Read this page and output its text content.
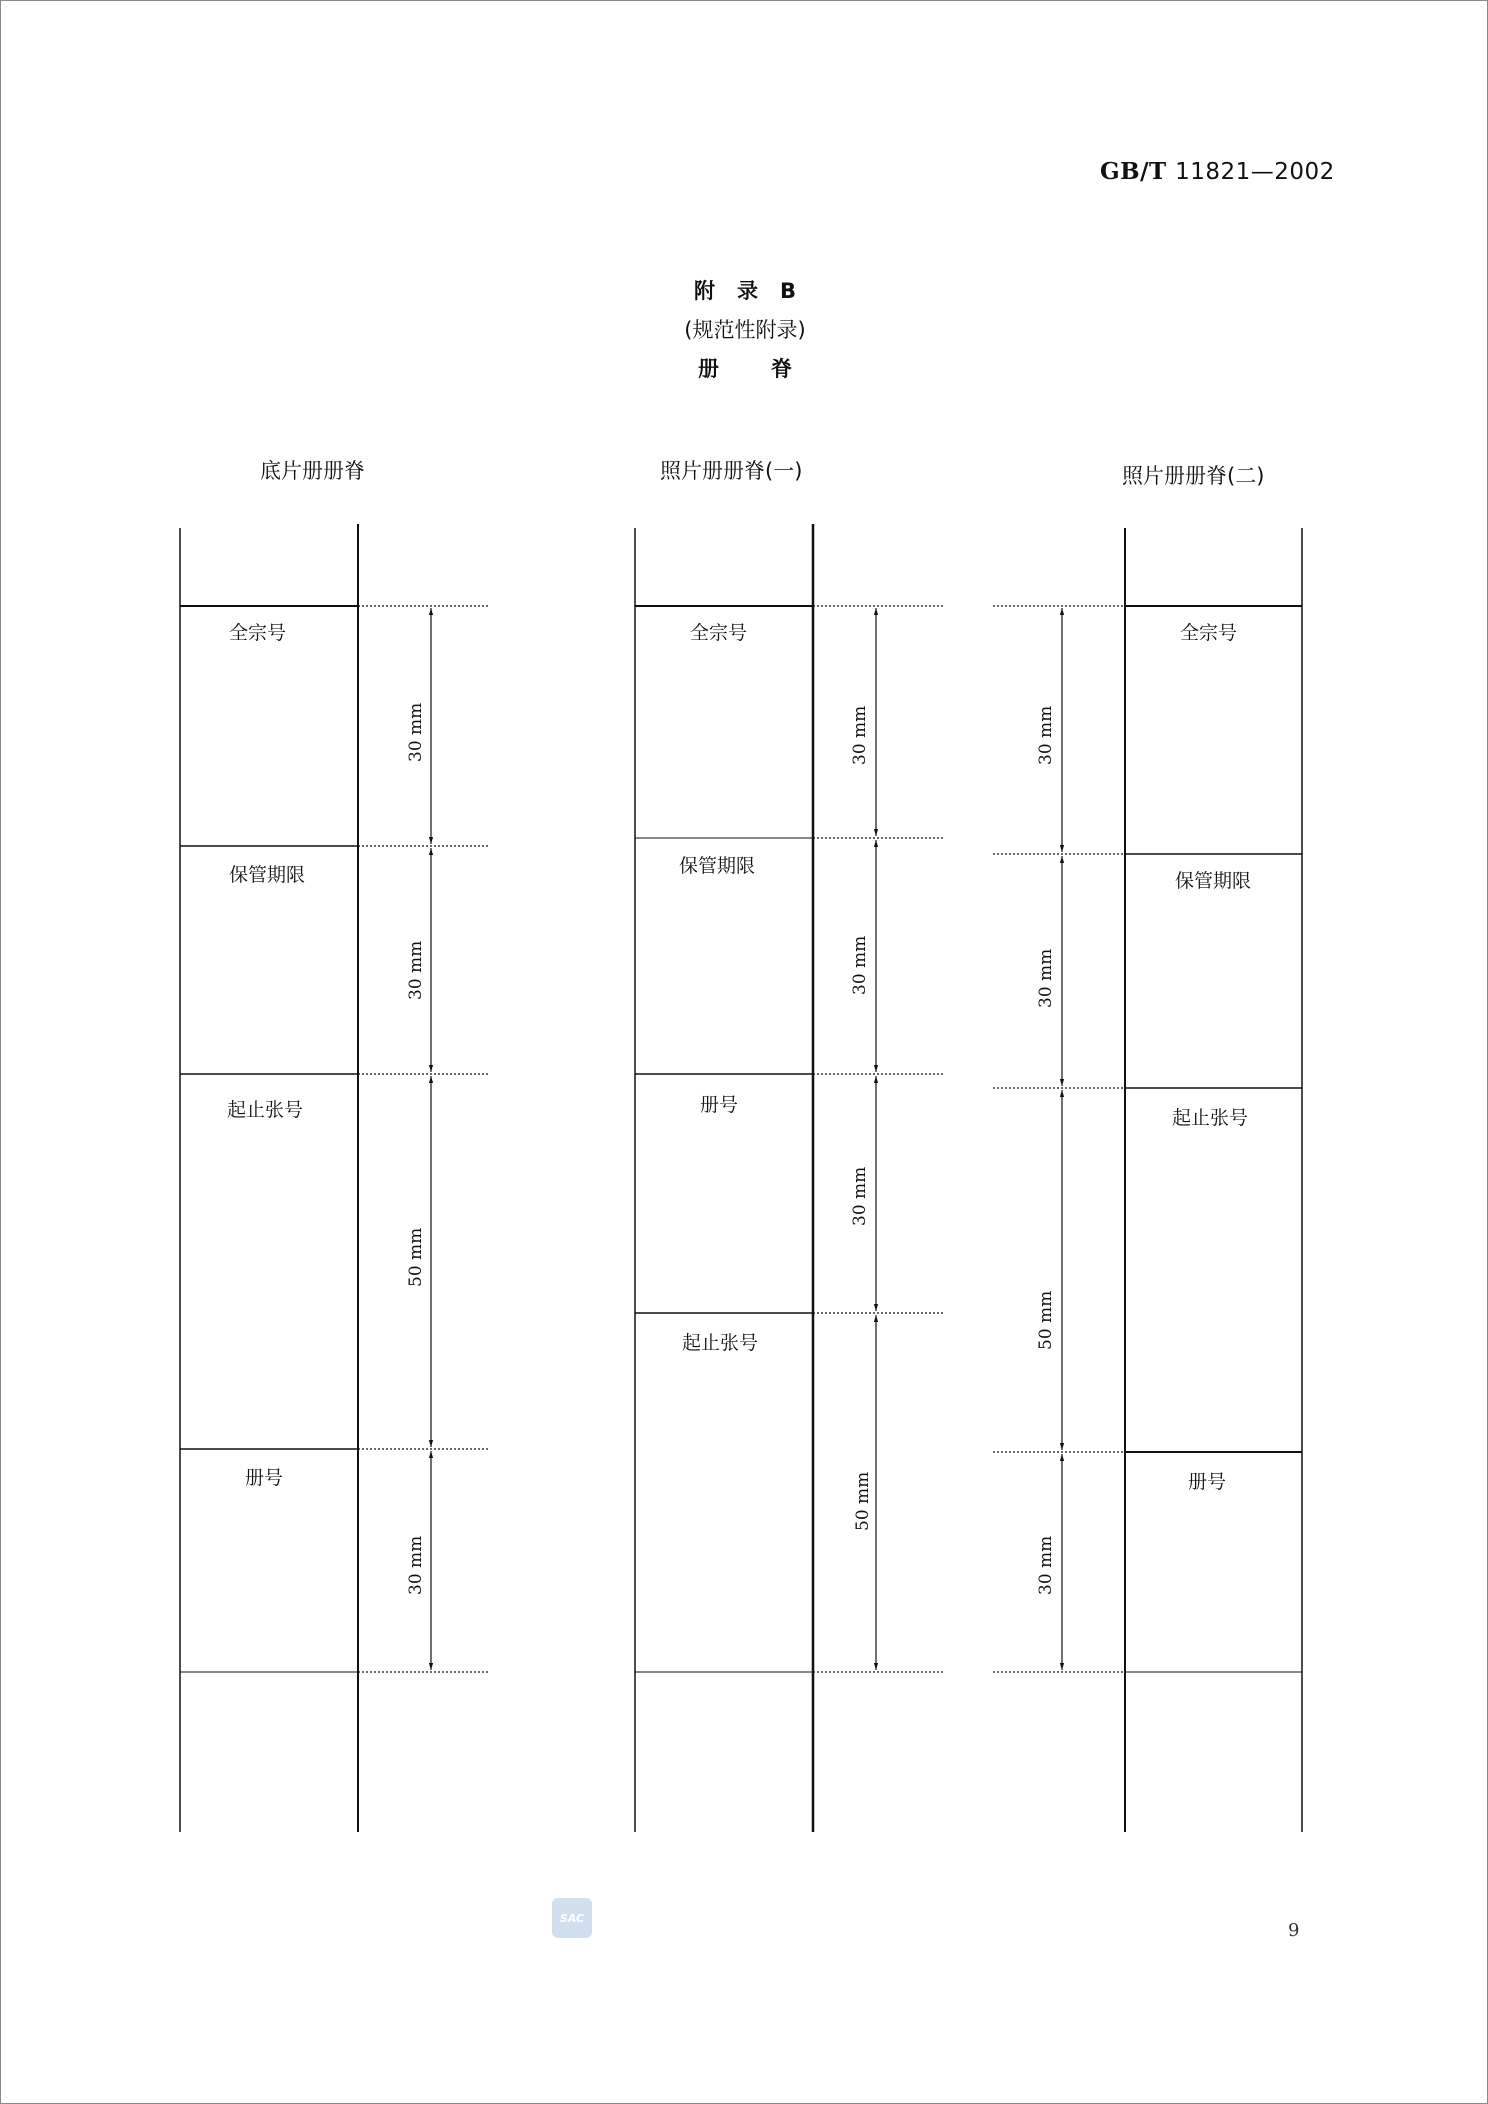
GB/T 11821—2002
附录B
(规范性附录)
册脊
底片册册脊	照片册册脊(一)	照片册册脊(二)
全宗号
保管期限
起止张号
册号
全宗号
保管期限
册号
起止张号
全宗号
保管期限
起止张号
册号
30 mm
30 mm
50 mm
30 mm
30 mm
30 mm
30 mm
50 mm
30 mm
30 mm
50 mm
30 mm
SAC
9
